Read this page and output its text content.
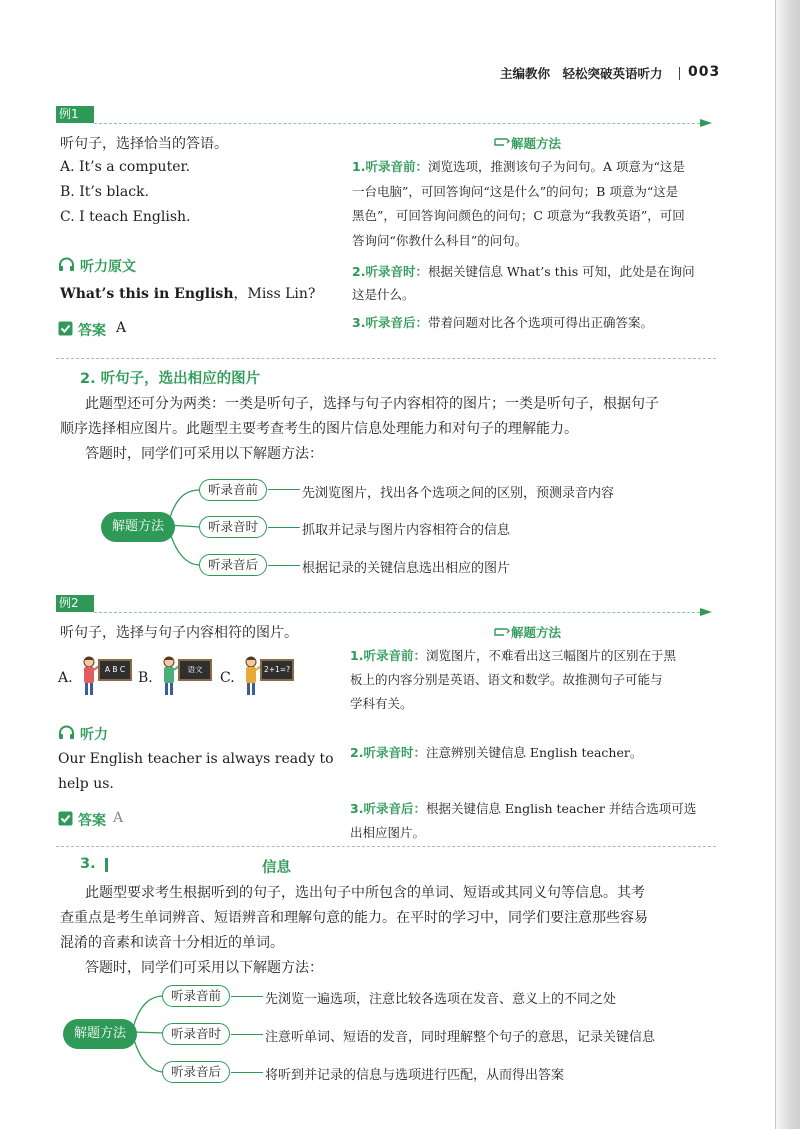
主编教你　轻松突破英语听力 003
例1
听句子，选择恰当的答语。
A. It’s a computer.
B. It’s black.
C. I teach English.
听力原文
What’s this in English，Miss Lin?
答案 A
解题方法
1.听录音前：浏览选项，推测该句子为问句。A 项意为“这是
一台电脑”，可回答询问“这是什么”的问句；B 项意为“这是
黑色”，可回答询问颜色的问句；C 项意为“我教英语”，可回
答询问“你教什么科目”的问句。
2.听录音时：根据关键信息 What’s this 可知，此处是在询问
这是什么。
3.听录音后：带着问题对比各个选项可得出正确答案。
2. 听句子，选出相应的图片
此题型还可分为两类：一类是听句子，选择与句子内容相符的图片；一类是听句子，根据句子
顺序选择相应图片。此题型主要考查考生的图片信息处理能力和对句子的理解能力。
答题时，同学们可采用以下解题方法：
解题方法
听录音前
听录音时
听录音后
先浏览图片，找出各个选项之间的区别，预测录音内容
抓取并记录与图片内容相符合的信息
根据记录的关键信息选出相应的图片
例2
听句子，选择与句子内容相符的图片。
A.
A B C
B.
语文
C.
2+1=?
听力
Our English teacher is always ready to
help us.
答案 A
解题方法
1.听录音前：浏览图片，不难看出这三幅图片的区别在于黑
板上的内容分别是英语、语文和数学。故推测句子可能与
学科有关。
2.听录音时：注意辨别关键信息 English teacher。
3.听录音后：根据关键信息 English teacher 并结合选项可选
出相应图片。
3.	信息
此题型要求考生根据听到的句子，选出句子中所包含的单词、短语或其同义句等信息。其考
查重点是考生单词辨音、短语辨音和理解句意的能力。在平时的学习中，同学们要注意那些容易
混淆的音素和读音十分相近的单词。
答题时，同学们可采用以下解题方法：
解题方法
听录音前
听录音时
听录音后
先浏览一遍选项，注意比较各选项在发音、意义上的不同之处
注意听单词、短语的发音，同时理解整个句子的意思，记录关键信息
将听到并记录的信息与选项进行匹配，从而得出答案
